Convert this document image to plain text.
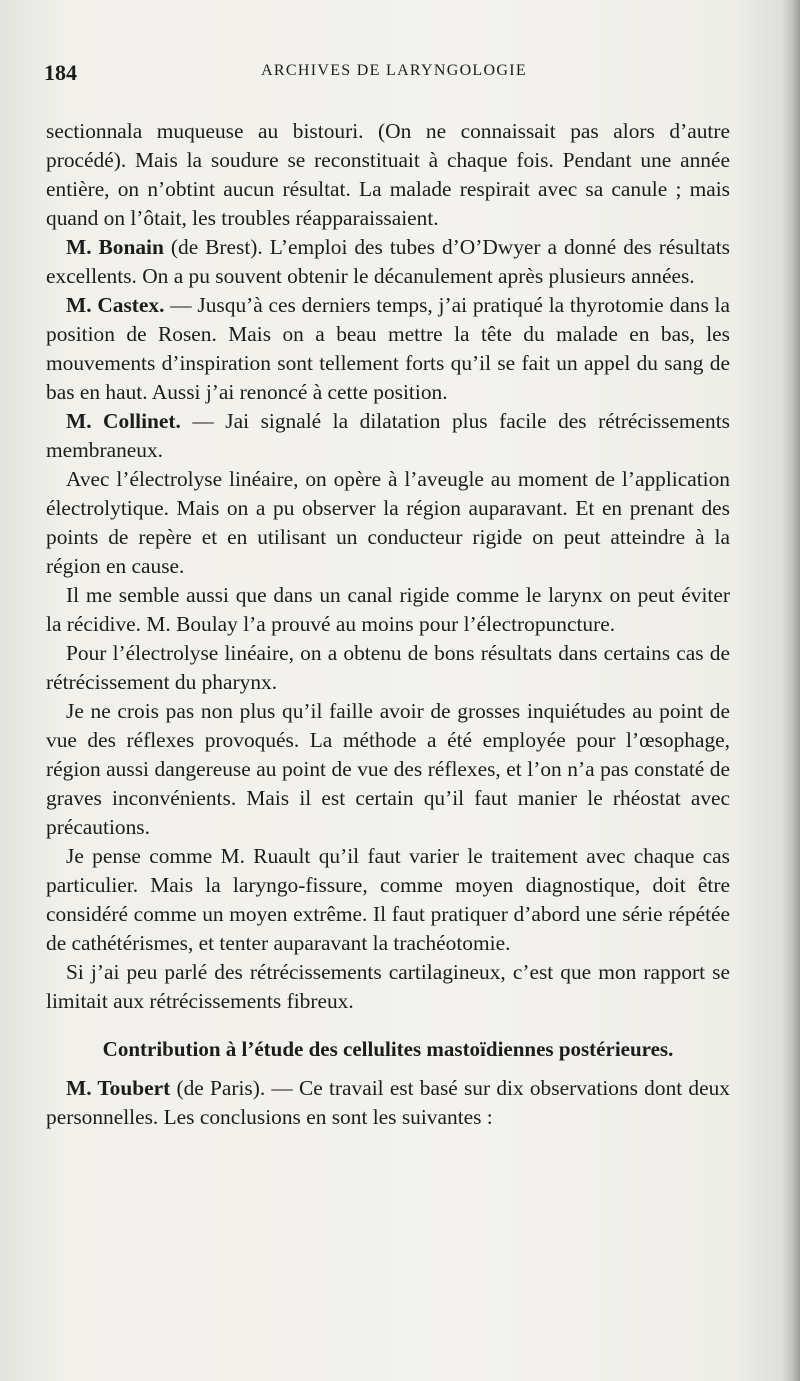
184	ARCHIVES DE LARYNGOLOGIE

sectionnala muqueuse au bistouri. (On ne connaissait pas alors d’autre procédé). Mais la soudure se reconstituait à chaque fois. Pendant une année entière, on n’obtint aucun résultat. La malade respirait avec sa canule ; mais quand on l’ôtait, les troubles réapparaissaient.

M. Bonain (de Brest). L’emploi des tubes d’O’Dwyer a donné des résultats excellents. On a pu souvent obtenir le décanulement après plusieurs années.

M. Castex. — Jusqu’à ces derniers temps, j’ai pratiqué la thyrotomie dans la position de Rosen. Mais on a beau mettre la tête du malade en bas, les mouvements d’inspiration sont tellement forts qu’il se fait un appel du sang de bas en haut. Aussi j’ai renoncé à cette position.

M. Collinet. — Jai signalé la dilatation plus facile des rétrécissements membraneux.

Avec l’électrolyse linéaire, on opère à l’aveugle au moment de l’application électrolytique. Mais on a pu observer la région auparavant. Et en prenant des points de repère et en utilisant un conducteur rigide on peut atteindre à la région en cause.

Il me semble aussi que dans un canal rigide comme le larynx on peut éviter la récidive. M. Boulay l’a prouvé au moins pour l’électropuncture.

Pour l’électrolyse linéaire, on a obtenu de bons résultats dans certains cas de rétrécissement du pharynx.

Je ne crois pas non plus qu’il faille avoir de grosses inquiétudes au point de vue des réflexes provoqués. La méthode a été employée pour l’œsophage, région aussi dangereuse au point de vue des réflexes, et l’on n’a pas constaté de graves inconvénients. Mais il est certain qu’il faut manier le rhéostat avec précautions.

Je pense comme M. Ruault qu’il faut varier le traitement avec chaque cas particulier. Mais la laryngo-fissure, comme moyen diagnostique, doit être considéré comme un moyen extrême. Il faut pratiquer d’abord une série répétée de cathétérismes, et tenter auparavant la trachéotomie.

Si j’ai peu parlé des rétrécissements cartilagineux, c’est que mon rapport se limitait aux rétrécissements fibreux.

Contribution à l’étude des cellulites mastoïdiennes postérieures.

M. Toubert (de Paris). — Ce travail est basé sur dix observations dont deux personnelles. Les conclusions en sont les suivantes :
